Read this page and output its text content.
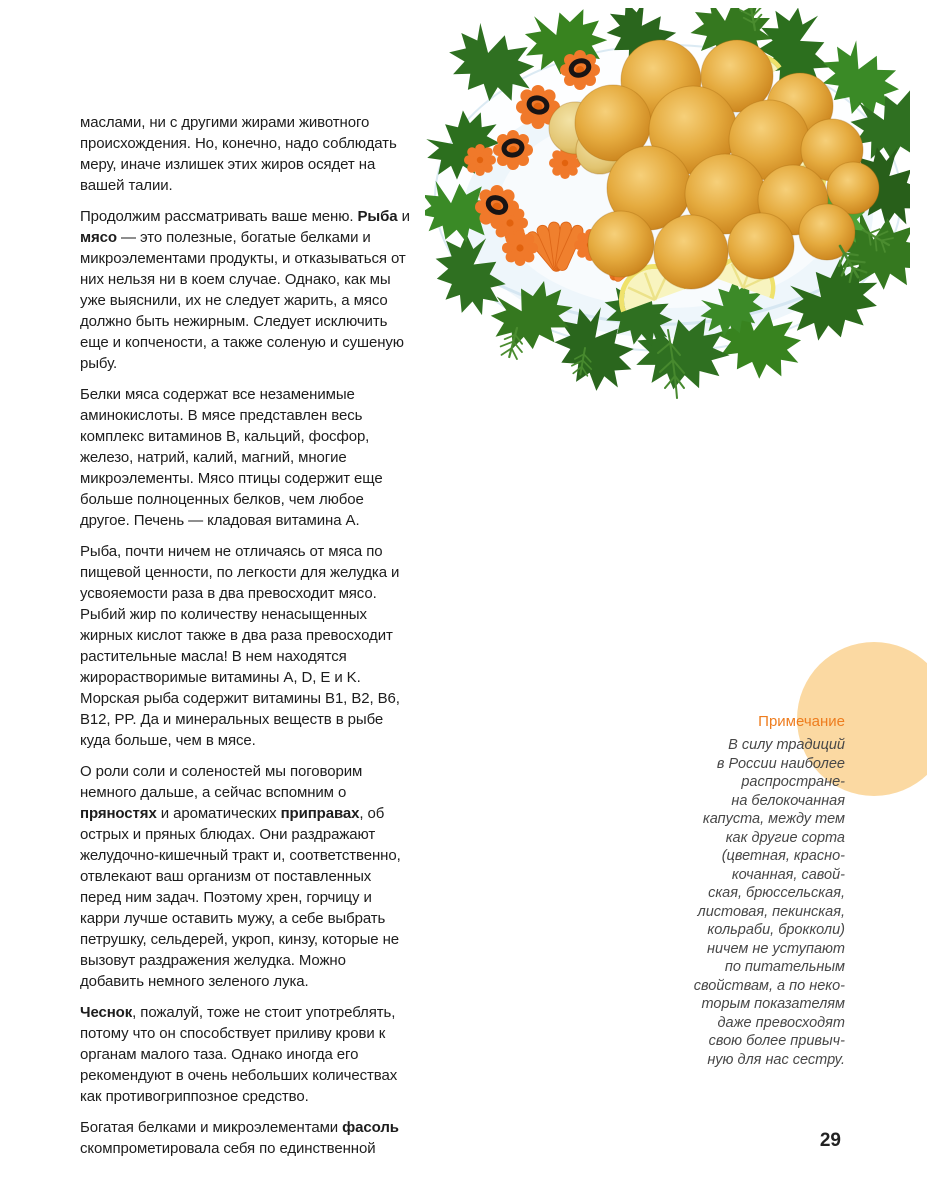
маслами, ни с другими жирами животного происхождения. Но, конечно, надо соблюдать меру, иначе излишек этих жиров осядет на вашей талии.

Продолжим рассматривать ваше меню. Рыба и мясо — это полезные, богатые белками и микроэлементами продукты, и отказываться от них нельзя ни в коем случае. Однако, как мы уже выяснили, их не следует жарить, а мясо должно быть нежирным. Следует исключить еще и копчености, а также соленую и сушеную рыбу.

Белки мяса содержат все незаменимые аминокислоты. В мясе представлен весь комплекс витаминов B, кальций, фосфор, железо, натрий, калий, магний, многие микроэлементы. Мясо птицы содержит еще больше полноценных белков, чем любое другое. Печень — кладовая витамина A.

Рыба, почти ничем не отличаясь от мяса по пищевой ценности, по легкости для желудка и усвояемости раза в два превосходит мясо. Рыбий жир по количеству ненасыщенных жирных кислот также в два раза превосходит растительные масла! В нем находятся жирорастворимые витамины A, D, E и K. Морская рыба содержит витамины B1, B2, B6, B12, PP. Да и минеральных веществ в рыбе куда больше, чем в мясе.

О роли соли и соленостей мы поговорим немного дальше, а сейчас вспомним о пряностях и ароматических приправах, об острых и пряных блюдах. Они раздражают желудочно-кишечный тракт и, соответственно, отвлекают ваш организм от поставленных перед ним задач. Поэтому хрен, горчицу и карри лучше оставить мужу, а себе выбрать петрушку, сельдерей, укроп, кинзу, которые не вызовут раздражения желудка. Можно добавить немного зеленого лука.

Чеснок, пожалуй, тоже не стоит употреблять, потому что он способствует приливу крови к органам малого таза. Однако иногда его рекомендуют в очень небольших количествах как противогриппозное средство.

Богатая белками и микроэлементами фасоль скомпрометировала себя по единственной

Примечание
В силу традиций
в России наиболее
распростране-
на белокочанная
капуста, между тем
как другие сорта
(цветная, красно-
кочанная, савой-
ская, брюссельская,
листовая, пекинская,
кольраби, брокколи)
ничем не уступают
по питательным
свойствам, а по неко-
торым показателям
даже превосходят
свою более привыч-
ную для нас сестру.
29
